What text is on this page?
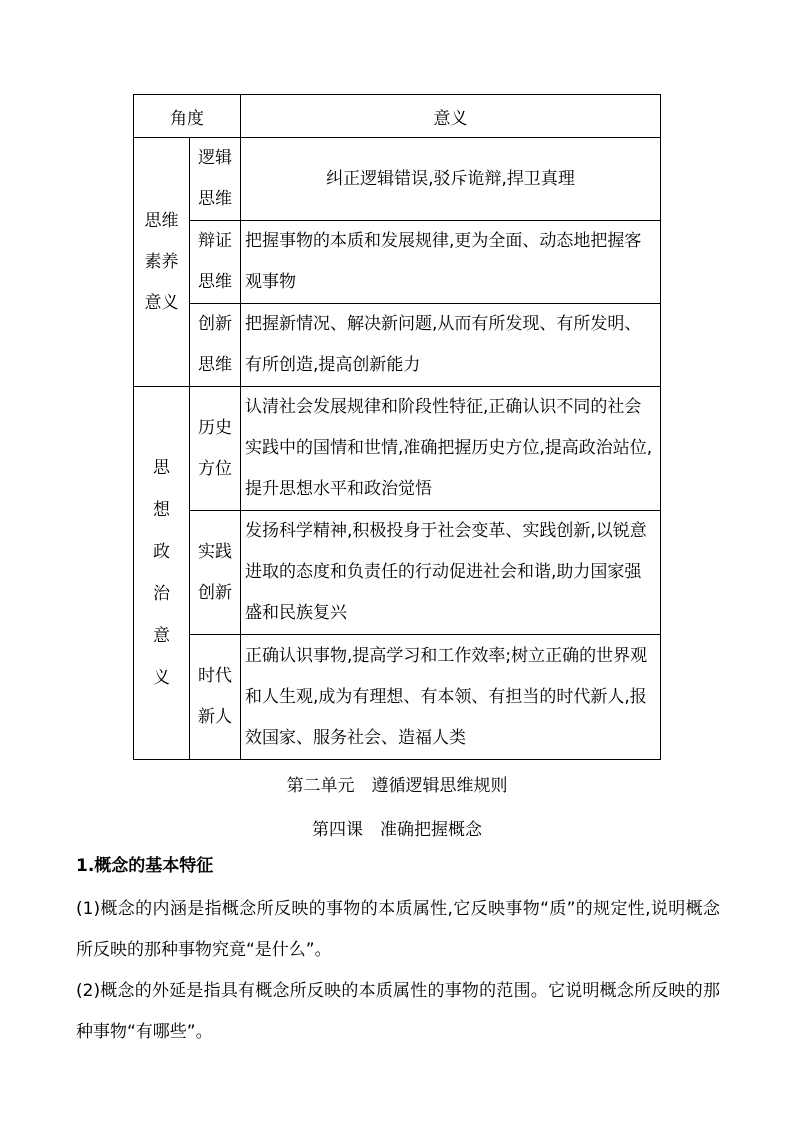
角度		意义

思维素养意义	逻辑思维	纠正逻辑错误,驳斥诡辩,捍卫真理

	辩证思维	把握事物的本质和发展规律,更为全面、动态地把握客观事物

	创新思维	把握新情况、解决新问题,从而有所发现、有所发明、有所创造,提高创新能力

思想政治意义	历史方位	认清社会发展规律和阶段性特征,正确认识不同的社会实践中的国情和世情,准确把握历史方位,提高政治站位,提升思想水平和政治觉悟

	实践创新	发扬科学精神,积极投身于社会变革、实践创新,以锐意进取的态度和负责任的行动促进社会和谐,助力国家强盛和民族复兴

	时代新人	正确认识事物,提高学习和工作效率;树立正确的世界观和人生观,成为有理想、有本领、有担当的时代新人,报效国家、服务社会、造福人类
第二单元　遵循逻辑思维规则
第四课　准确把握概念
1.概念的基本特征
(1)概念的内涵是指概念所反映的事物的本质属性,它反映事物“质”的规定性,说明概念所反映的那种事物究竟“是什么”。
(2)概念的外延是指具有概念所反映的本质属性的事物的范围。它说明概念所反映的那种事物“有哪些”。
